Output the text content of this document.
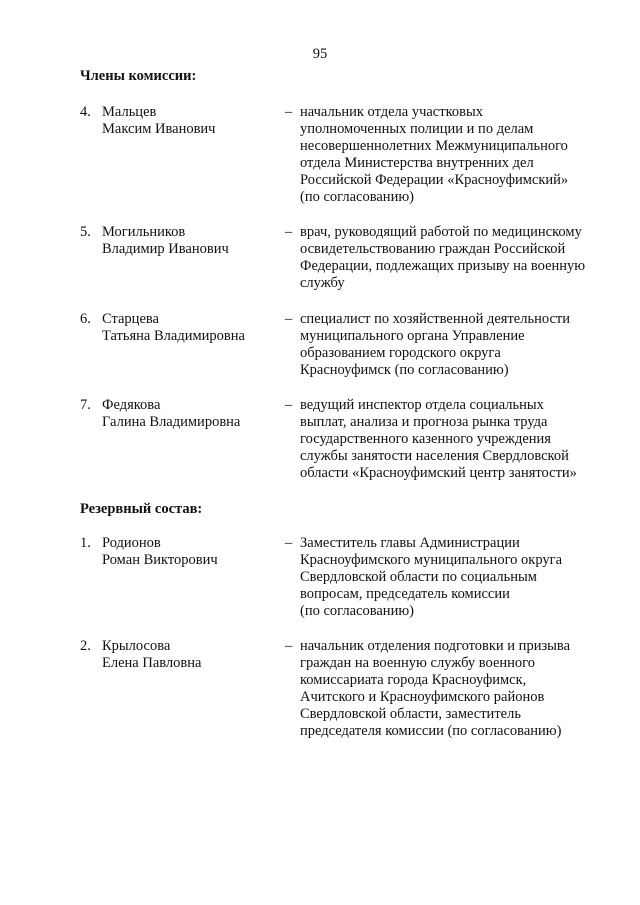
95
Члены комиссии:
4. Мальцев
Максим Иванович
– начальник отдела участковых
уполномоченных полиции и по делам
несовершеннолетних Межмуниципального
отдела Министерства внутренних дел
Российской Федерации «Красноуфимский»
(по согласованию)
5. Могильников
Владимир Иванович
– врач, руководящий работой по медицинскому
освидетельствованию граждан Российской
Федерации, подлежащих призыву на военную
службу
6. Старцева
Татьяна Владимировна
– специалист по хозяйственной деятельности
муниципального органа Управление
образованием городского округа
Красноуфимск (по согласованию)
7. Федякова
Галина Владимировна
– ведущий инспектор отдела социальных
выплат, анализа и прогноза рынка труда
государственного казенного учреждения
службы занятости населения Свердловской
области «Красноуфимский центр занятости»
Резервный состав:
1. Родионов
Роман Викторович
– Заместитель главы Администрации
Красноуфимского муниципального округа
Свердловской области по социальным
вопросам, председатель комиссии
(по согласованию)
2. Крылосова
Елена Павловна
– начальник отделения подготовки и призыва
граждан на военную службу военного
комиссариата города Красноуфимск,
Ачитского и Красноуфимского районов
Свердловской области, заместитель
председателя комиссии (по согласованию)
